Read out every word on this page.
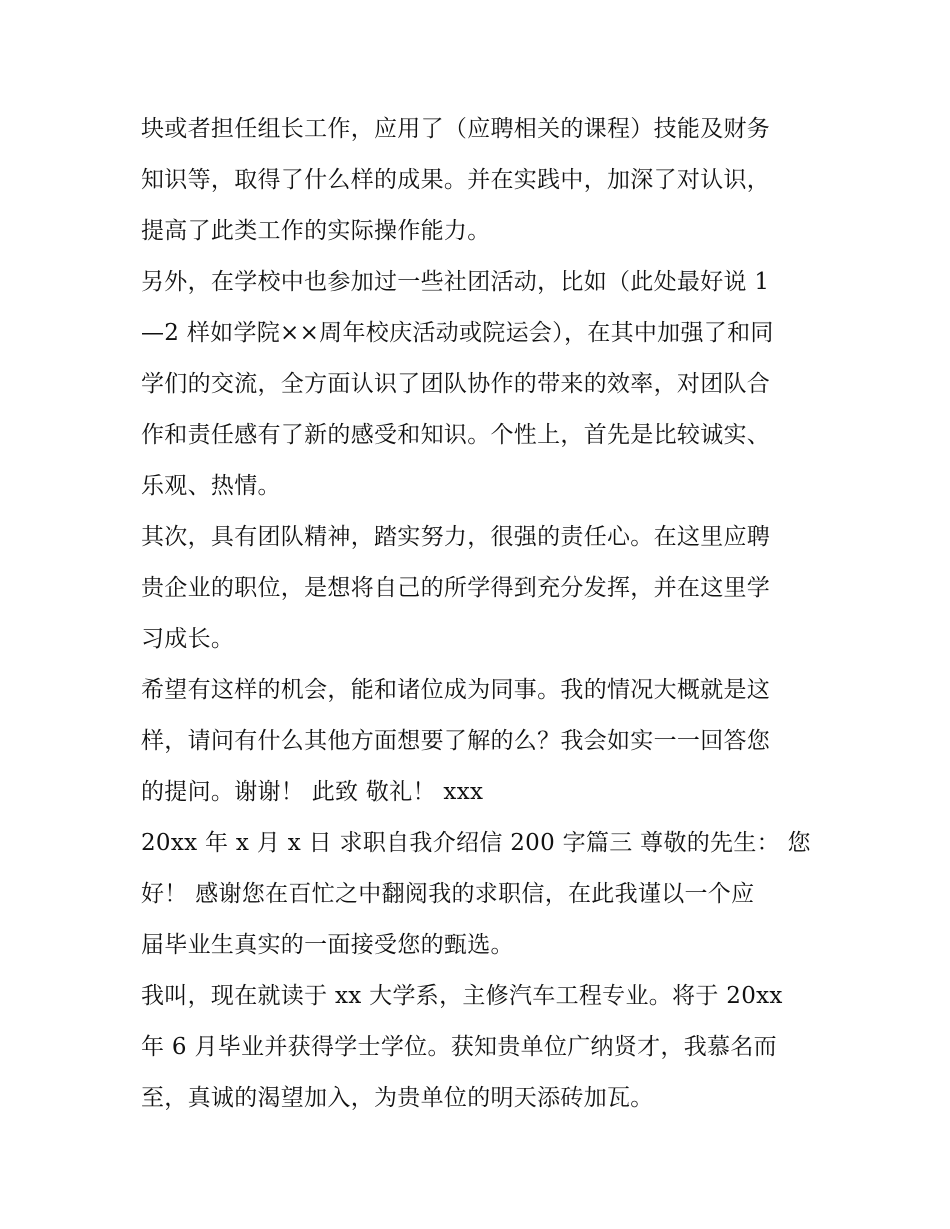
块或者担任组长工作，应用了（应聘相关的课程）技能及财务
知识等，取得了什么样的成果。并在实践中，加深了对认识，
提高了此类工作的实际操作能力。
另外，在学校中也参加过一些社团活动，比如（此处最好说 1
—2 样如学院××周年校庆活动或院运会），在其中加强了和同
学们的交流，全方面认识了团队协作的带来的效率，对团队合
作和责任感有了新的感受和知识。个性上，首先是比较诚实、
乐观、热情。
其次，具有团队精神，踏实努力，很强的责任心。在这里应聘
贵企业的职位，是想将自己的所学得到充分发挥，并在这里学
习成长。
希望有这样的机会，能和诸位成为同事。我的情况大概就是这
样，请问有什么其他方面想要了解的么？我会如实一一回答您
的提问。谢谢！ 此致 敬礼！ xxx
20xx 年 x 月 x 日 求职自我介绍信 200 字篇三 尊敬的先生： 您
好！ 感谢您在百忙之中翻阅我的求职信，在此我谨以一个应
届毕业生真实的一面接受您的甄选。
我叫，现在就读于 xx 大学系，主修汽车工程专业。将于 20xx
年 6 月毕业并获得学士学位。获知贵单位广纳贤才，我慕名而
至，真诚的渴望加入，为贵单位的明天添砖加瓦。
